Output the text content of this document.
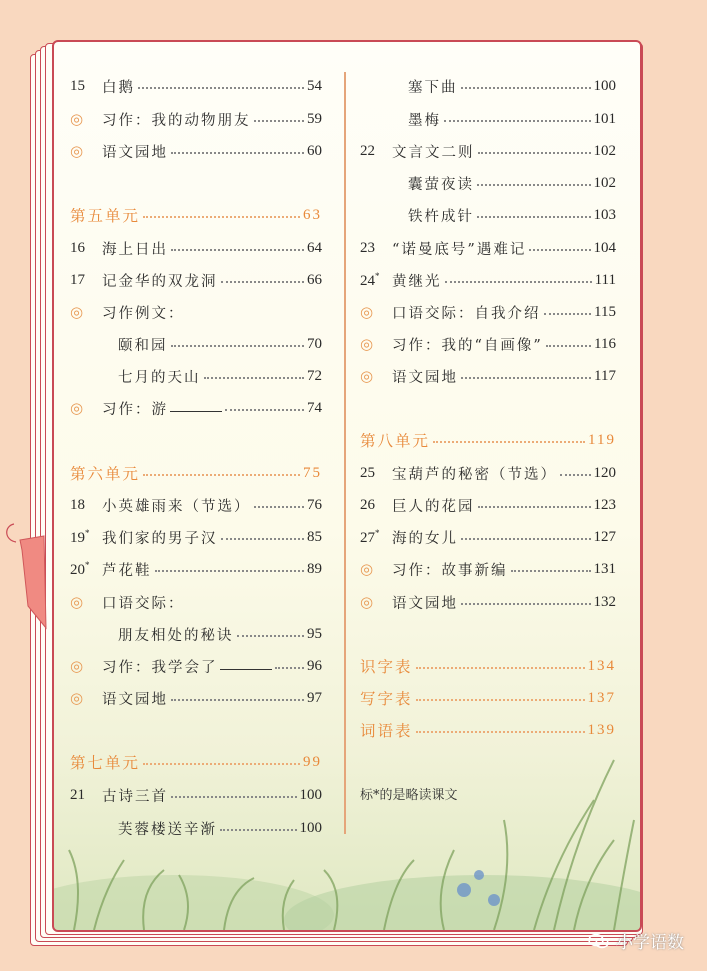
15	白鹅	54
◎	习作：我的动物朋友	59
◎	语文园地	60
第五单元	63
16	海上日出	64
17	记金华的双龙洞	66
◎	习作例文：
颐和园	70
七月的天山	72
◎	习作：游	74
第六单元	75
18	小英雄雨来（节选）	76
19* 我们家的男子汉	85
20* 芦花鞋	89
◎	口语交际：
朋友相处的秘诀	95
◎	习作：我学会了	96
◎	语文园地	97
第七单元	99
21	古诗三首	100
芙蓉楼送辛渐	100
塞下曲	100
墨梅	101
22	文言文二则	102
囊萤夜读	102
铁杵成针	103
23	“诺曼底号”遇难记	104
24* 黄继光	111
◎	口语交际：自我介绍	115
◎	习作：我的“自画像”	116
◎	语文园地	117
第八单元	119
25	宝葫芦的秘密（节选） 120
26	巨人的花园	123
27* 海的女儿	127
◎	习作：故事新编	131
◎	语文园地	132
识字表	134
写字表	137
词语表	139
标*的是略读课文
小学语数
